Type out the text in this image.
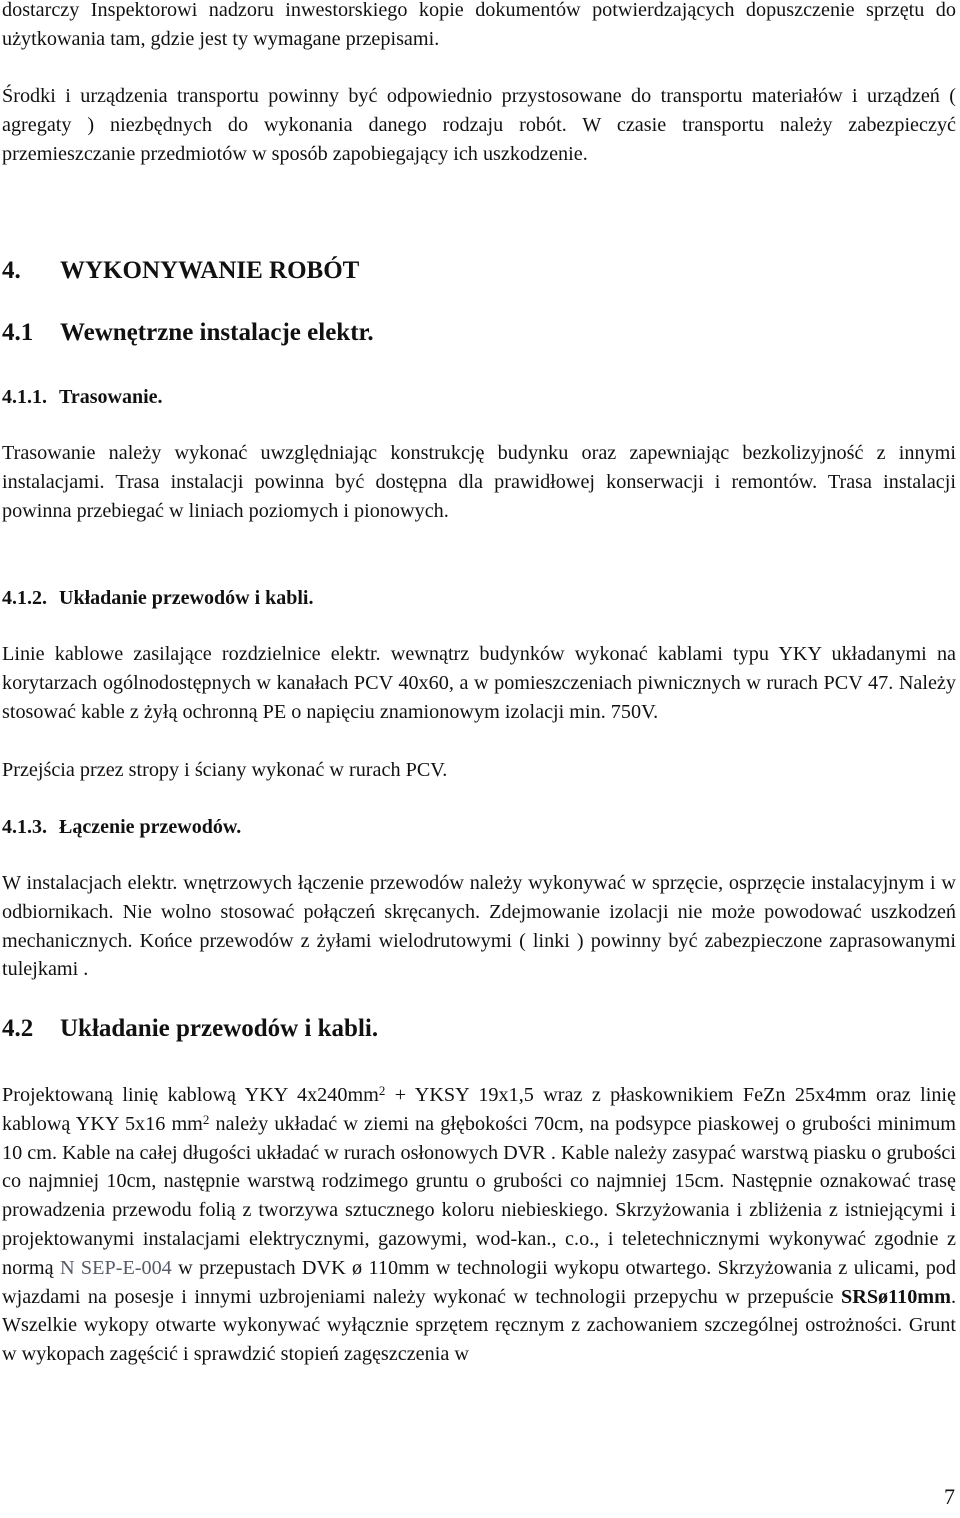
dostarczy Inspektorowi nadzoru inwestorskiego kopie dokumentów potwierdzających dopuszczenie sprzętu do użytkowania tam, gdzie jest ty wymagane przepisami.

Środki i urządzenia transportu powinny być odpowiednio przystosowane do transportu materiałów i urządzeń ( agregaty ) niezbędnych do wykonania danego rodzaju robót. W czasie transportu należy zabezpieczyć przemieszczanie przedmiotów w sposób zapobiegający ich uszkodzenie.

4. WYKONYWANIE ROBÓT
4.1 Wewnętrzne instalacje elektr.
4.1.1. Trasowanie.

Trasowanie należy wykonać uwzględniając konstrukcję budynku oraz zapewniając bezkolizyjność z innymi instalacjami. Trasa instalacji powinna być dostępna dla prawidłowej konserwacji i remontów. Trasa instalacji powinna przebiegać w liniach poziomych i pionowych.

4.1.2. Układanie przewodów i kabli.

Linie kablowe zasilające rozdzielnice elektr. wewnątrz budynków wykonać kablami typu YKY układanymi na korytarzach ogólnodostępnych w kanałach PCV 40x60, a w pomieszczeniach piwnicznych w rurach PCV 47. Należy stosować kable z żyłą ochronną PE o napięciu znamionowym izolacji min. 750V.

Przejścia przez stropy i ściany wykonać w rurach PCV.

4.1.3. Łączenie przewodów.

W instalacjach elektr. wnętrzowych łączenie przewodów należy wykonywać w sprzęcie, osprzęcie instalacyjnym i w odbiornikach. Nie wolno stosować połączeń skręcanych. Zdejmowanie izolacji nie może powodować uszkodzeń mechanicznych. Końce przewodów z żyłami wielodrutowymi ( linki ) powinny być zabezpieczone zaprasowanymi tulejkami .

4.2 Układanie przewodów i kabli.

Projektowaną linię kablową YKY $4x240mm^2$ + YKSY 19x1,5 wraz z płaskownikiem FeZn 25x4mm oraz linię kablową YKY 5x16 $mm^2$ należy układać w ziemi na głębokości 70cm, na podsypce piaskowej o grubości minimum 10 cm. Kable na całej długości układać w rurach osłonowych DVR . Kable należy zasypać warstwą piasku o grubości co najmniej 10cm, następnie warstwą rodzimego gruntu o grubości co najmniej 15cm. Następnie oznakować trasę prowadzenia przewodu folią z tworzywa sztucznego koloru niebieskiego. Skrzyżowania i zbliżenia z istniejącymi i projektowanymi instalacjami elektrycznymi, gazowymi, wod-kan., c.o., i teletechnicznymi wykonywać zgodnie z normą N SEP-E-004 w przepustach DVK ø 110mm w technologii wykopu otwartego. Skrzyżowania z ulicami, pod wjazdami na posesje i innymi uzbrojeniami należy wykonać w technologii przepychu w przepuście SRSø110mm. Wszelkie wykopy otwarte wykonywać wyłącznie sprzętem ręcznym z zachowaniem szczególnej ostrożności. Grunt w wykopach zagęścić i sprawdzić stopień zagęszczenia w

7
